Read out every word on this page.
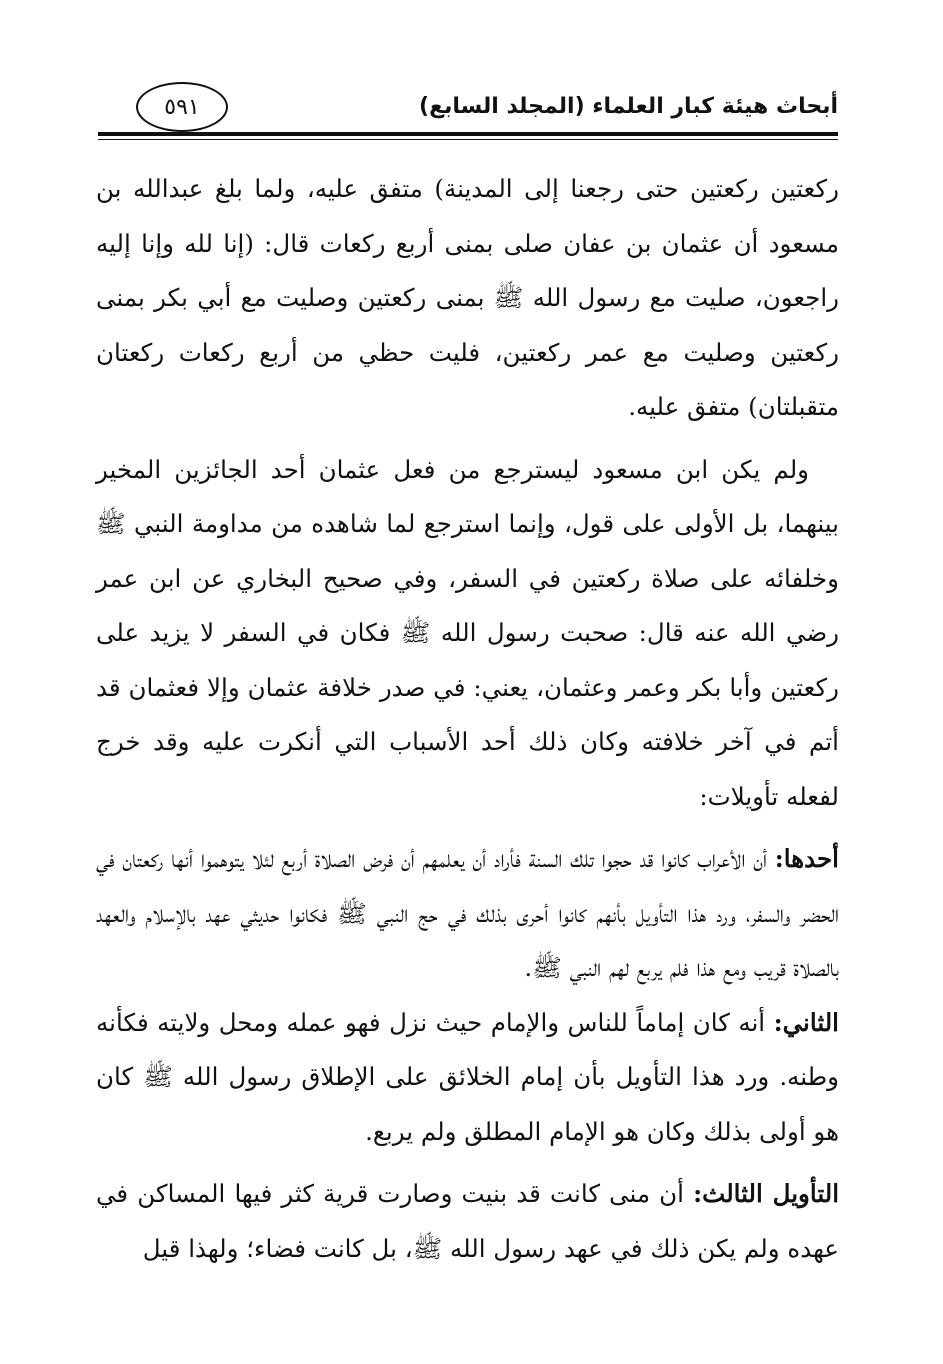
أبحاث هيئة كبار العلماء (المجلد السابع)
٥٩١

ركعتين ركعتين حتى رجعنا إلى المدينة) متفق عليه، ولما بلغ عبدالله بن مسعود أن عثمان بن عفان صلى بمنى أربع ركعات قال: (إنا لله وإنا إليه راجعون، صليت مع رسول الله ﷺ بمنى ركعتين وصليت مع أبي بكر بمنى ركعتين وصليت مع عمر ركعتين، فليت حظي من أربع ركعات ركعتان متقبلتان) متفق عليه.

ولم يكن ابن مسعود ليسترجع من فعل عثمان أحد الجائزين المخير بينهما، بل الأولى على قول، وإنما استرجع لما شاهده من مداومة النبي ﷺ وخلفائه على صلاة ركعتين في السفر، وفي صحيح البخاري عن ابن عمر رضي الله عنه قال: صحبت رسول الله ﷺ فكان في السفر لا يزيد على ركعتين وأبا بكر وعمر وعثمان، يعني: في صدر خلافة عثمان وإلا فعثمان قد أتم في آخر خلافته وكان ذلك أحد الأسباب التي أنكرت عليه وقد خرج لفعله تأويلات:

أحدها: أن الأعراب كانوا قد حجوا تلك السنة فأراد أن يعلمهم أن فرض الصلاة أربع لئلا يتوهموا أنها ركعتان في الحضر والسفر، ورد هذا التأويل بأنهم كانوا أحرى بذلك في حج النبي ﷺ فكانوا حديثي عهد بالإسلام والعهد بالصلاة قريب ومع هذا فلم يربع لهم النبي ﷺ.

الثاني: أنه كان إماماً للناس والإمام حيث نزل فهو عمله ومحل ولايته فكأنه وطنه. ورد هذا التأويل بأن إمام الخلائق على الإطلاق رسول الله ﷺ كان هو أولى بذلك وكان هو الإمام المطلق ولم يربع.

التأويل الثالث: أن منى كانت قد بنيت وصارت قرية كثر فيها المساكن في عهده ولم يكن ذلك في عهد رسول الله ﷺ، بل كانت فضاء؛ ولهذا قيل
